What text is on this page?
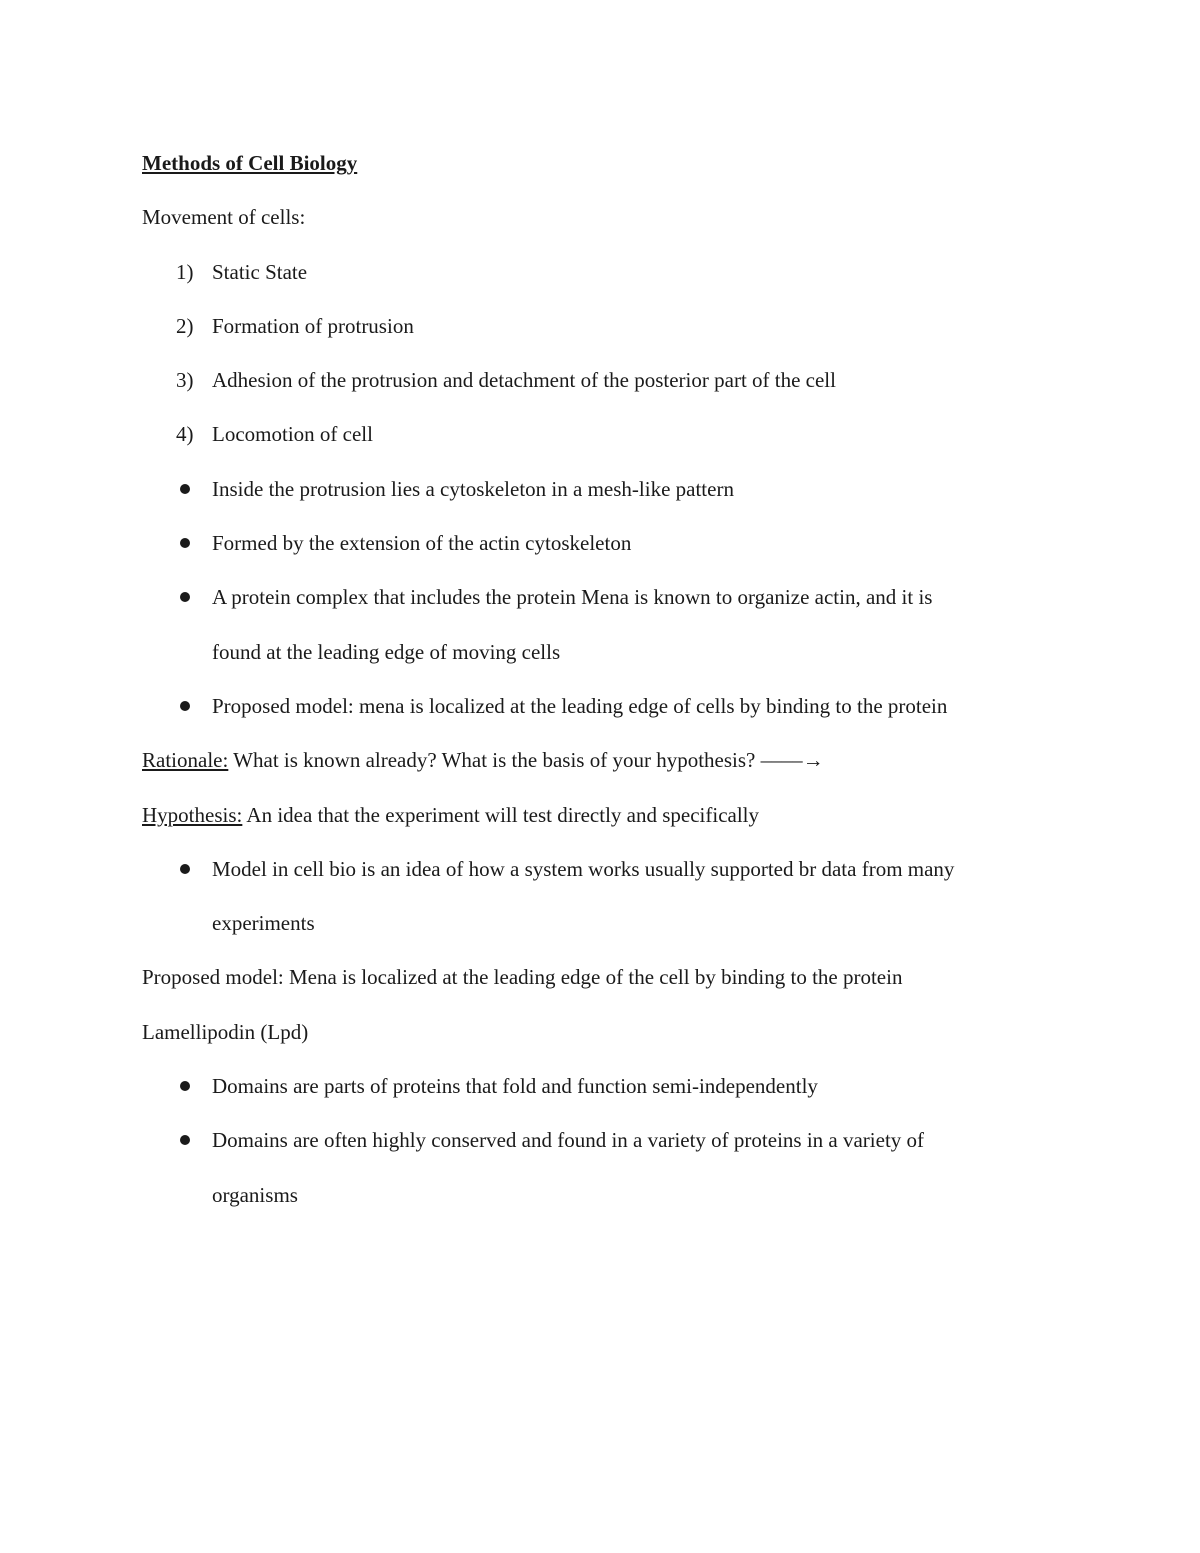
Methods of Cell Biology
Movement of cells:
1) Static State
2) Formation of protrusion
3) Adhesion of the protrusion and detachment of the posterior part of the cell
4) Locomotion of cell
Inside the protrusion lies a cytoskeleton in a mesh-like pattern
Formed by the extension of the actin cytoskeleton
A protein complex that includes the protein Mena is known to organize actin, and it is
found at the leading edge of moving cells
Proposed model: mena is localized at the leading edge of cells by binding to the protein
Rationale: What is known already? What is the basis of your hypothesis? ––––→
Hypothesis: An idea that the experiment will test directly and specifically
Model in cell bio is an idea of how a system works usually supported br data from many
experiments
Proposed model: Mena is localized at the leading edge of the cell by binding to the protein
Lamellipodin (Lpd)
Domains are parts of proteins that fold and function semi-independently
Domains are often highly conserved and found in a variety of proteins in a variety of
organisms
